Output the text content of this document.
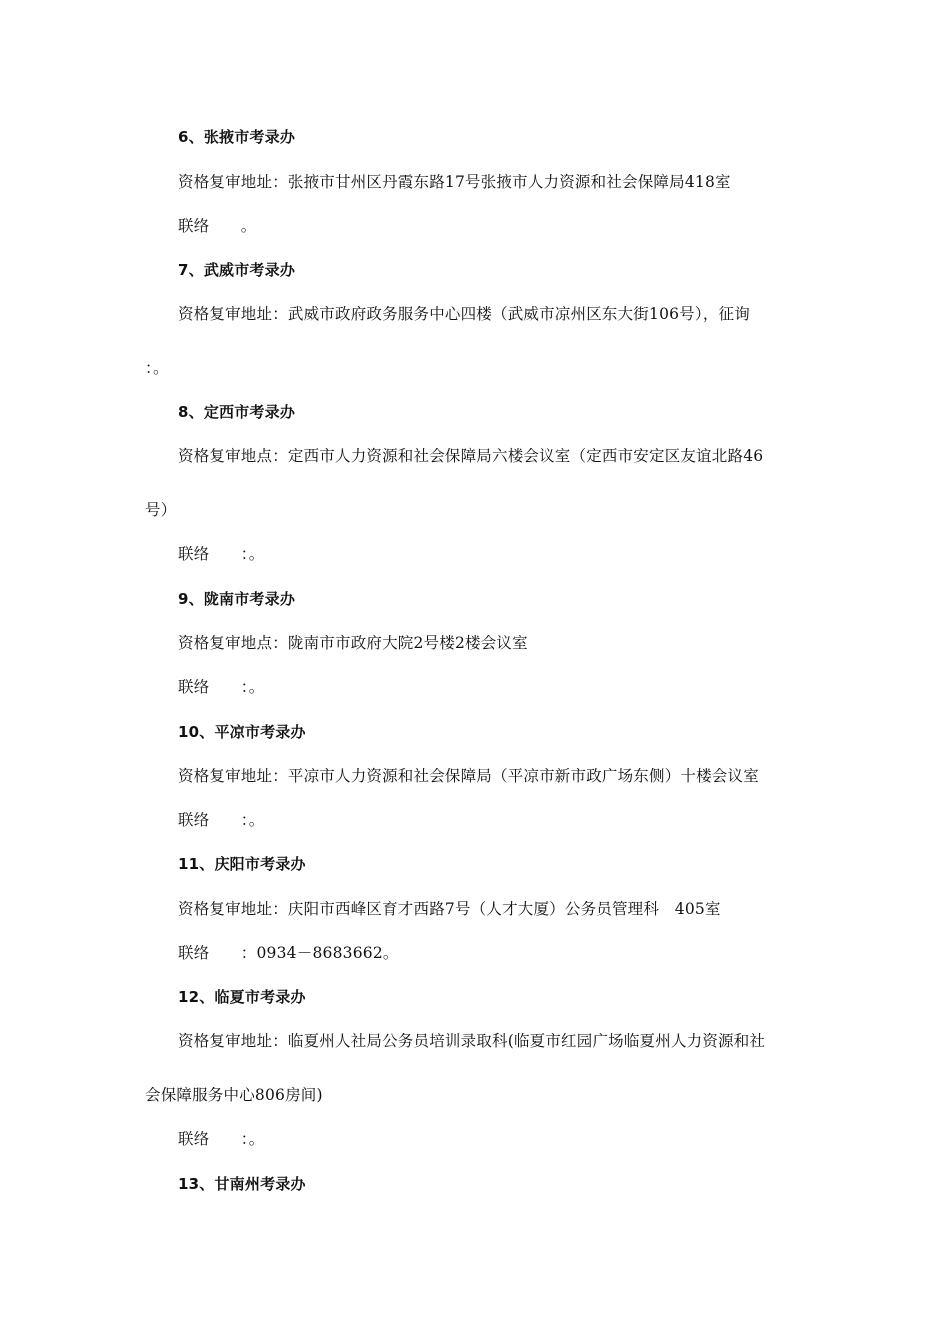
6、张掖市考录办
资格复审地址：张掖市甘州区丹霞东路17号张掖市人力资源和社会保障局418室
联络　　。
7、武威市考录办
资格复审地址：武威市政府政务服务中心四楼（武威市凉州区东大街106号），征询
：。
8、定西市考录办
资格复审地点：定西市人力资源和社会保障局六楼会议室（定西市安定区友谊北路46
号）
联络　　：。
9、陇南市考录办
资格复审地点：陇南市市政府大院2号楼2楼会议室
联络　　：。
10、平凉市考录办
资格复审地址：平凉市人力资源和社会保障局（平凉市新市政广场东侧）十楼会议室
联络　　：。
11、庆阳市考录办
资格复审地址：庆阳市西峰区育才西路7号（人才大厦）公务员管理科　405室
联络　　：0934－8683662。
12、临夏市考录办
资格复审地址：临夏州人社局公务员培训录取科(临夏市红园广场临夏州人力资源和社
会保障服务中心806房间)
联络　　：。
13、甘南州考录办
